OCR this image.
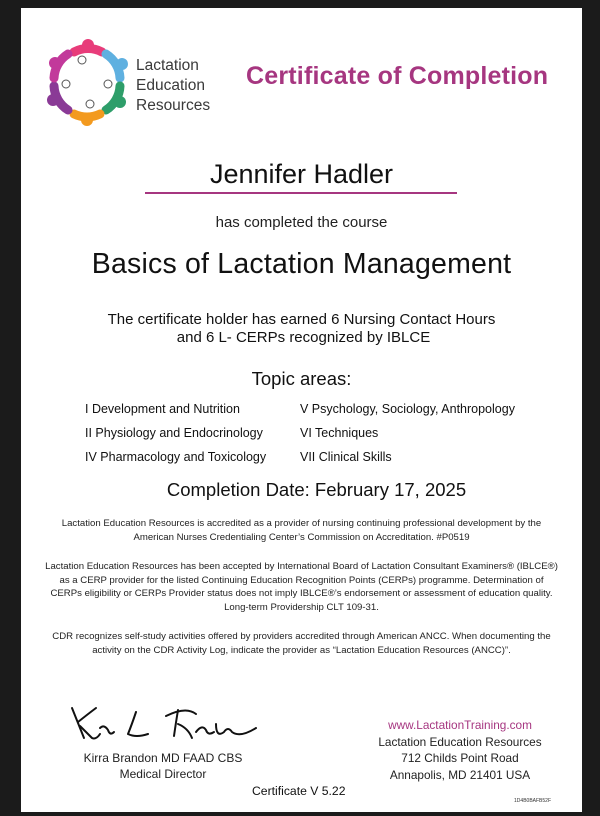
Lactation
Education
Resources
Certificate of Completion
Jennifer Hadler
has completed the course
Basics of Lactation Management
The certificate holder has earned 6 Nursing Contact Hours
and 6 L- CERPs recognized by IBLCE
Topic areas:
I Development and Nutrition
II Physiology and Endocrinology
IV Pharmacology and Toxicology
V Psychology, Sociology, Anthropology
VI Techniques
VII Clinical Skills
Completion Date: February 17, 2025
Lactation Education Resources is accredited as a provider of nursing continuing professional development by the American Nurses Credentialing Center’s Commission on Accreditation. #P0519
Lactation Education Resources has been accepted by International Board of Lactation Consultant Examiners® (IBLCE®) as a CERP provider for the listed Continuing Education Recognition Points (CERPs) programme. Determination of CERPs eligibility or CERPs Provider status does not imply IBLCE®’s endorsement or assessment of education quality. Long-term Providership CLT 109-31.
CDR recognizes self-study activities offered by providers accredited through American ANCC. When documenting the activity on the CDR Activity Log, indicate the provider as “Lactation Education Resources (ANCC)”.
Kirra Brandon MD FAAD CBS
Medical Director
www.LactationTraining.com
Lactation Education Resources
712 Childs Point Road
Annapolis, MD 21401 USA
Certificate V 5.22
1D4B0BAFB52F
